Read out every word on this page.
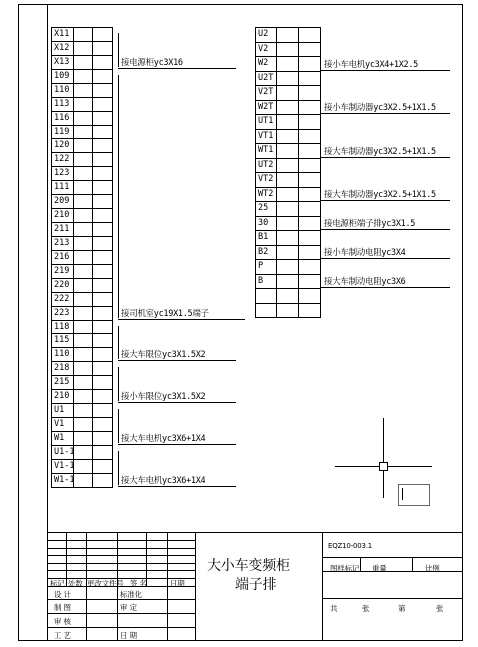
X11
X12
X13
109
110
113
116
119
120
122
123
111
209
210
211
213
216
219
220
222
223
118
115
110
218
215
210
U1
V1
W1
U1-1
V1-1
W1-1
接电源柜yc3X16
接司机室yc19X1.5端子
接大车限位yc3X1.5X2
接小车限位yc3X1.5X2
接大车电机yc3X6+1X4
接大车电机yc3X6+1X4
U2
V2
W2
U2T
V2T
W2T
UT1
VT1
WT1
UT2
VT2
WT2
25
30
B1
B2
P
B
接小车电机yc3X4+1X2.5
接小车制动器yc3X2.5+1X1.5
接大车制动器yc3X2.5+1X1.5
接大车制动器yc3X2.5+1X1.5
接电源柜端子排yc3X1.5
接小车制动电阻yc3X4
接大车制动电阻yc3X6
大小车变频柜
端子排
EQZ10-003.1
标记 处数 更改文件号 签 名	日期
设 计	标准化
制 图	审 定
审 核
工 艺	日 期
图样标记 重量	比例
共	张	第	张
